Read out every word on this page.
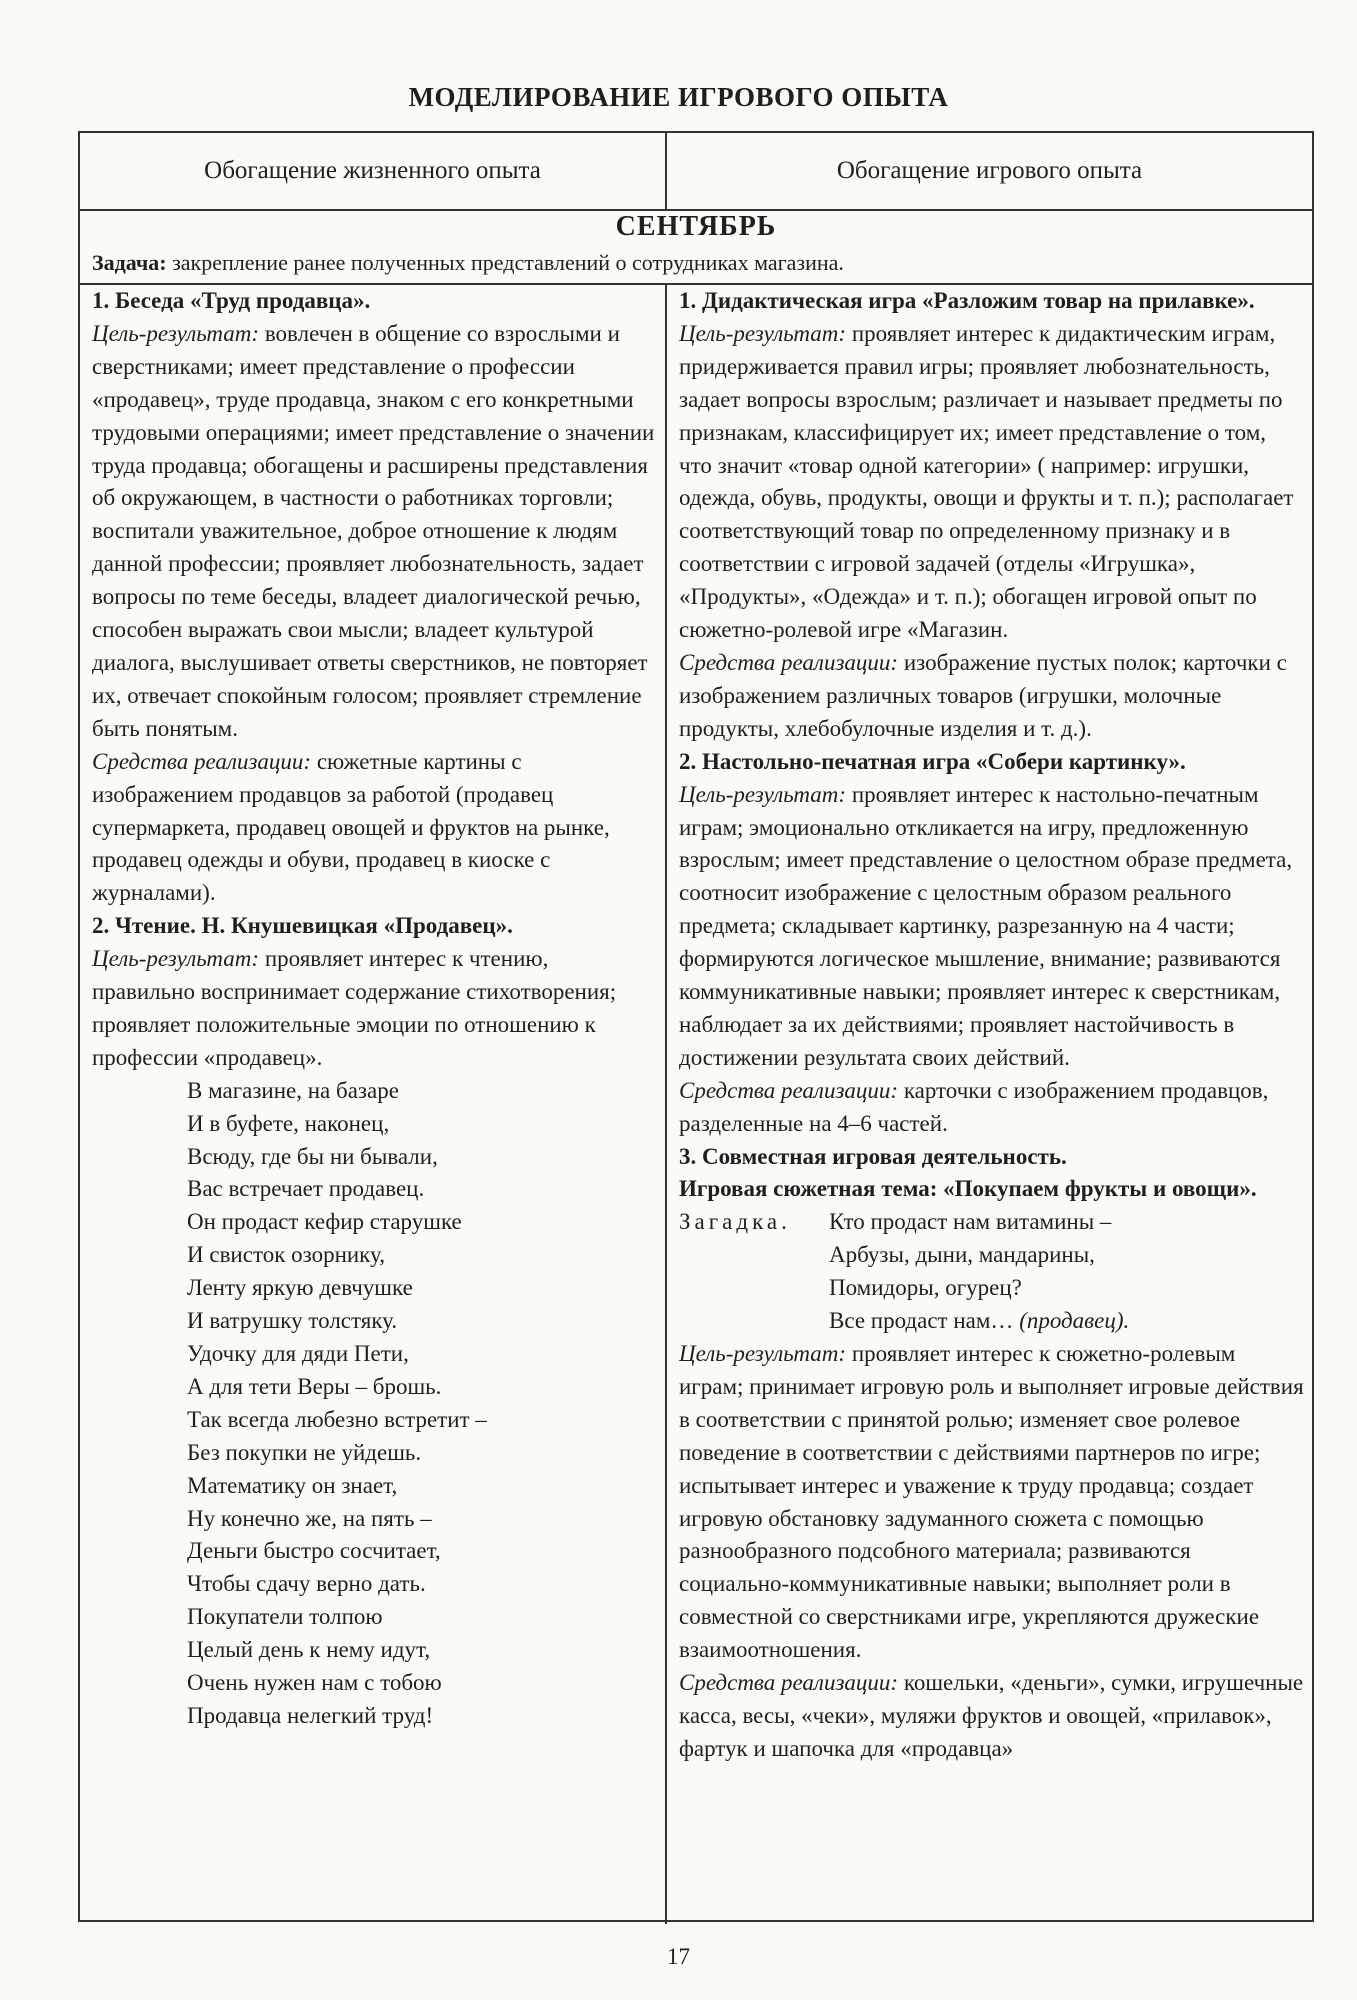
МОДЕЛИРОВАНИЕ ИГРОВОГО ОПЫТА
Обогащение жизненного опыта	Обогащение игрового опыта
СЕНТЯБРЬ
Задача: закрепление ранее полученных представлений о сотрудниках магазина.

1. Беседа «Труд продавца».

Цель-результат: вовлечен в общение со взрослыми и сверстниками; имеет представление о профессии «продавец», труде продавца, знаком с его конкретными трудовыми операциями; имеет представление о значении труда продавца; обогащены и расширены представления об окружающем, в частности о работниках торговли; воспитали уважительное, доброе отношение к людям данной профессии; проявляет любознательность, задает вопросы по теме беседы, владеет диалогической речью, способен выражать свои мысли; владеет культурой диалога, выслушивает ответы сверстников, не повторяет их, отвечает спокойным голосом; проявляет стремление быть понятым.

Средства реализации: сюжетные картины с изображением продавцов за работой (продавец супермаркета, продавец овощей и фруктов на рынке, продавец одежды и обуви, продавец в киоске с журналами).

2. Чтение. Н. Кнушевицкая «Продавец».

Цель-результат: проявляет интерес к чтению, правильно воспринимает содержание стихотворения; проявляет положительные эмоции по отношению к профессии «продавец».

В магазине, на базаре
И в буфете, наконец,
Всюду, где бы ни бывали,
Вас встречает продавец.
Он продаст кефир старушке
И свисток озорнику,
Ленту яркую девчушке
И ватрушку толстяку.
Удочку для дяди Пети,
А для тети Веры – брошь.
Так всегда любезно встретит –
Без покупки не уйдешь.
Математику он знает,
Ну конечно же, на пять –
Деньги быстро сосчитает,
Чтобы сдачу верно дать.
Покупатели толпою
Целый день к нему идут,
Очень нужен нам с тобою
Продавца нелегкий труд!

1. Дидактическая игра «Разложим товар на прилавке».

Цель-результат: проявляет интерес к дидактическим играм, придерживается правил игры; проявляет любознательность, задает вопросы взрослым; различает и называет предметы по признакам, классифицирует их; имеет представление о том, что значит «товар одной категории» ( например: игрушки, одежда, обувь, продукты, овощи и фрукты и т. п.); располагает соответствующий товар по определенному признаку и в соответствии с игровой задачей (отделы «Игрушка», «Продукты», «Одежда» и т. п.); обогащен игровой опыт по сюжетно-ролевой игре «Магазин.

Средства реализации: изображение пустых полок; карточки с изображением различных товаров (игрушки, молочные продукты, хлебобулочные изделия и т. д.).

2. Настольно-печатная игра «Собери картинку».

Цель-результат: проявляет интерес к настольно-печатным играм; эмоционально откликается на игру, предложенную взрослым; имеет представление о целостном образе предмета, соотносит изображение с целостным образом реального предмета; складывает картинку, разрезанную на 4 части; формируются логическое мышление, внимание; развиваются коммуникативные навыки; проявляет интерес к сверстникам, наблюдает за их действиями; проявляет настойчивость в достижении результата своих действий.

Средства реализации: карточки с изображением продавцов, разделенные на 4–6 частей.

3. Совместная игровая деятельность.

Игровая сюжетная тема: «Покупаем фрукты и овощи».

Загадка.	Кто продаст нам витамины –
Арбузы, дыни, мандарины,
Помидоры, огурец?
Все продаст нам… (продавец).

Цель-результат: проявляет интерес к сюжетно-ролевым играм; принимает игровую роль и выполняет игровые действия в соответствии с принятой ролью; изменяет свое ролевое поведение в соответствии с действиями партнеров по игре; испытывает интерес и уважение к труду продавца; создает игровую обстановку задуманного сюжета с помощью разнообразного подсобного материала; развиваются социально-коммуникативные навыки; выполняет роли в совместной со сверстниками игре, укрепляются дружеские взаимоотношения.

Средства реализации: кошельки, «деньги», сумки, игрушечные касса, весы, «чеки», муляжи фруктов и овощей, «прилавок», фартук и шапочка для «продавца»

17
